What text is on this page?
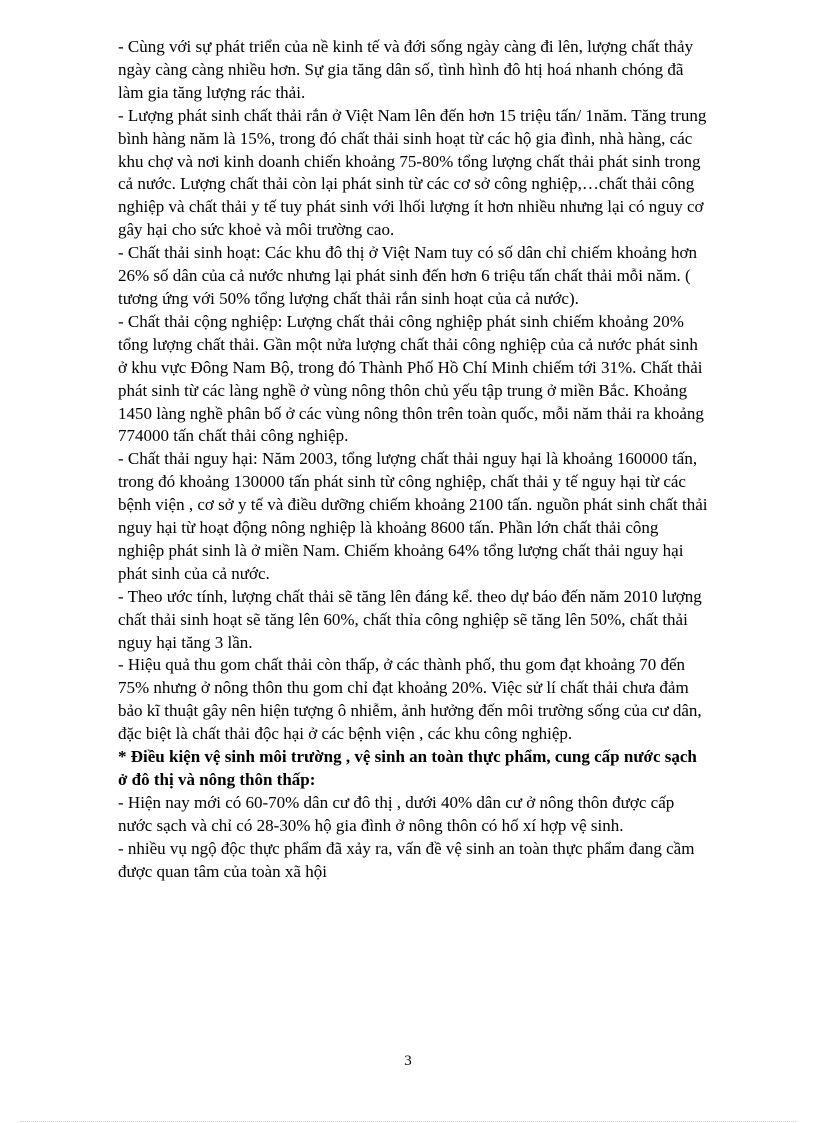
- Cùng với sự phát triển của nề kinh tế và đới sống ngày càng đi lên, lượng chất thảy ngày càng càng nhiều hơn. Sự gia tăng dân số, tình hình đô htị hoá nhanh chóng đã làm gia tăng lượng rác thải.

- Lượng phát sinh chất thải rắn ở Việt Nam lên đến hơn 15 triệu tấn/ 1năm. Tăng trung bình hàng năm là 15%, trong đó chất thải sinh hoạt từ các hộ gia đình, nhà hàng, các khu chợ và nơi kinh doanh chiến khoảng 75-80% tổng lượng chất thải phát sinh trong cả nước. Lượng chất thải còn lại phát sinh từ các cơ sở công nghiệp,…chất thải công nghiệp và chất thải y tế tuy phát sinh với lhối lượng ít hơn nhiều nhưng lại có nguy cơ gây hại cho sức khoẻ và môi trường cao.

- Chất thải sinh hoạt: Các khu đô thị ở Việt Nam tuy có số dân chỉ chiếm khoảng hơn 26% số dân của cả nước nhưng lại phát sinh đến hơn 6 triệu tấn chất thải mỗi năm. ( tương ứng với 50% tổng lượng chất thải rắn sinh hoạt của cả nước).

- Chất thải cộng nghiệp: Lượng chất thải công nghiệp phát sinh chiếm khoảng 20% tổng lượng chất thải. Gần một nửa lượng chất thải công nghiệp của cả nước phát sinh ở khu vực Đông Nam Bộ, trong đó Thành Phố Hồ Chí Minh chiếm tới 31%. Chất thải phát sinh từ các làng nghề ở vùng nông thôn chủ yếu tập trung ở miền Bắc. Khoảng 1450 làng nghề phân bố ở các vùng nông thôn trên toàn quốc, mỗi năm thải ra khoảng 774000 tấn chất thải công nghiệp.

- Chất thải nguy hại: Năm 2003, tổng lượng chất thải nguy hại là khoảng 160000 tấn, trong đó khoảng 130000 tấn phát sinh từ công nghiệp, chất thải y tế nguy hại từ các bệnh viện , cơ sở y tế và điều dưỡng chiếm khoảng 2100 tấn. nguồn phát sinh chất thải nguy hại từ hoạt động nông nghiệp là khoảng 8600 tấn. Phần lớn chất thải công nghiệp phát sinh là ở miền Nam. Chiếm khoảng 64% tổng lượng chất thải nguy hại phát sinh của cả nước.

- Theo ước tính, lượng chất thải sẽ tăng lên đáng kể. theo dự báo đến năm 2010 lượng chất thải sinh hoạt sẽ tăng lên 60%, chất thỉa công nghiệp sẽ tăng lên 50%, chất thải nguy hại tăng 3 lần.

- Hiệu quả thu gom chất thải còn thấp, ở các thành phố, thu gom đạt khoảng 70 đến 75% nhưng ở nông thôn thu gom chỉ đạt khoảng 20%. Việc sử lí chất thải chưa đảm bảo kĩ thuật gây nên hiện tượng ô nhiễm, ảnh hưởng đến môi trường sống của cư dân, đặc biệt là chất thải độc hại ở các bệnh viện , các khu công nghiệp.

* Điều kiện vệ sinh môi trường , vệ sinh an toàn thực phẩm, cung cấp nước sạch ở đô thị và nông thôn thấp:

- Hiện nay mới có 60-70% dân cư đô thị , dưới 40% dân cư ở nông thôn được cấp nước sạch và chỉ có 28-30% hộ gia đình ở nông thôn có hố xí hợp vệ sinh.

- nhiều vụ ngộ độc thực phẩm đã xảy ra, vấn đề vệ sinh an toàn thực phẩm đang cầm được quan tâm của toàn xã hội

3
